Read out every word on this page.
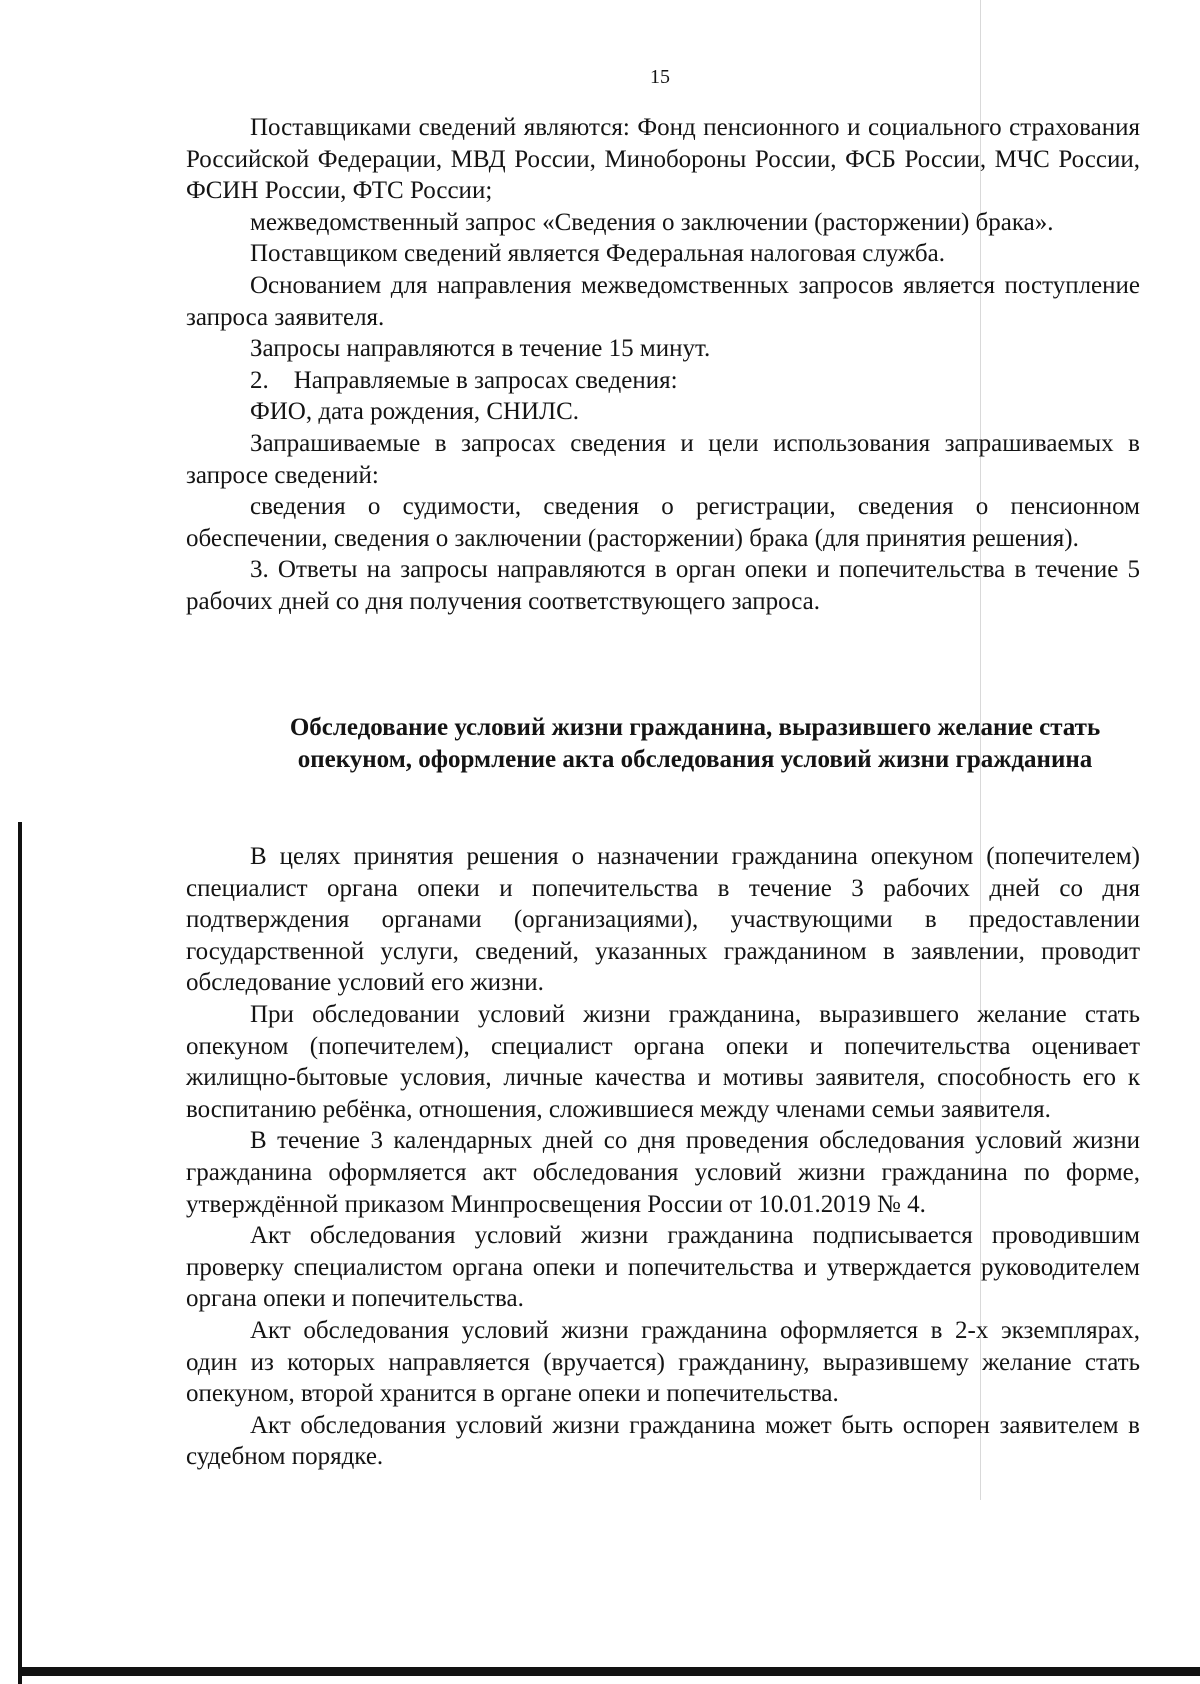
15

Поставщиками сведений являются: Фонд пенсионного и социального страхования Российской Федерации, МВД России, Минобороны России, ФСБ России, МЧС России, ФСИН России, ФТС России;

межведомственный запрос «Сведения о заключении (расторжении) брака».

Поставщиком сведений является Федеральная налоговая служба.

Основанием для направления межведомственных запросов является поступление запроса заявителя.

Запросы направляются в течение 15 минут.

2.    Направляемые в запросах сведения:

ФИО, дата рождения, СНИЛС.

Запрашиваемые в запросах сведения и цели использования запрашиваемых в запросе сведений:

сведения о судимости, сведения о регистрации, сведения о пенсионном обеспечении, сведения о заключении (расторжении) брака (для принятия решения).

3. Ответы на запросы направляются в орган опеки и попечительства в течение 5 рабочих дней со дня получения соответствующего запроса.

Обследование условий жизни гражданина, выразившего желание стать опекуном, оформление акта обследования условий жизни гражданина

В целях принятия решения о назначении гражданина опекуном (попечителем) специалист органа опеки и попечительства в течение 3 рабочих дней со дня подтверждения органами (организациями), участвующими в предоставлении государственной услуги, сведений, указанных гражданином в заявлении, проводит обследование условий его жизни.

При обследовании условий жизни гражданина, выразившего желание стать опекуном (попечителем), специалист органа опеки и попечительства оценивает жилищно-бытовые условия, личные качества и мотивы заявителя, способность его к воспитанию ребёнка, отношения, сложившиеся между членами семьи заявителя.

В течение 3 календарных дней со дня проведения обследования условий жизни гражданина оформляется акт обследования условий жизни гражданина по форме, утверждённой приказом Минпросвещения России от 10.01.2019 № 4.

Акт обследования условий жизни гражданина подписывается проводившим проверку специалистом органа опеки и попечительства и утверждается руководителем органа опеки и попечительства.

Акт обследования условий жизни гражданина оформляется в 2-х экземплярах, один из которых направляется (вручается) гражданину, выразившему желание стать опекуном, второй хранится в органе опеки и попечительства.

Акт обследования условий жизни гражданина может быть оспорен заявителем в судебном порядке.
